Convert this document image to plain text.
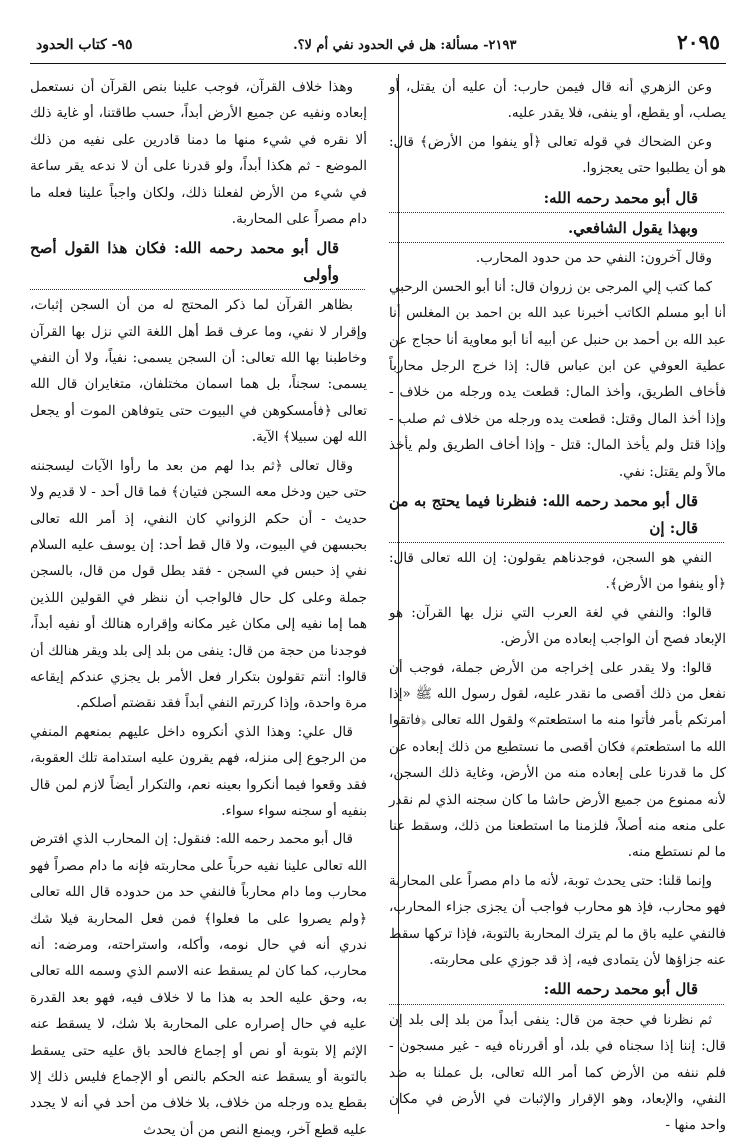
٢٠٩٥
٢١٩٣- مسألة: هل في الحدود نفي أم لا؟.
٩٥- كتاب الحدود

وعن الزهري أنه قال فيمن حارب: أن عليه أن يقتل، أو يصلب، أو يقطع، أو ينفى، فلا يقدر عليه.

وعن الضحاك في قوله تعالى ﴿أو ينفوا من الأرض﴾ قال: هو أن يطلبوا حتى يعجزوا.

قال أبو محمد رحمه الله:

وبهذا يقول الشافعي.

وقال آخرون: النفي حد من حدود المحارب.

كما كتب إلي المرجى بن زروان قال: أنا أبو الحسن الرحبي أنا أبو مسلم الكاتب أخبرنا عبد الله بن احمد بن المغلس أنا عبد الله بن أحمد بن حنبل عن أبيه أنا أبو معاوية أنا حجاج عن عطية العوفي عن ابن عباس قال: إذا خرج الرجل محارباً فأخاف الطريق، وأخذ المال: قطعت يده ورجله من خلاف - وإذا أخذ المال وقتل: قطعت يده ورجله من خلاف ثم صلب - وإذا قتل ولم يأخذ المال: قتل - وإذا أخاف الطريق ولم يأخذ مالاً ولم يقتل: نفي.

قال أبو محمد رحمه الله: فنظرنا فيما يحتج به من قال: إن

النفي هو السجن، فوجدناهم يقولون: إن الله تعالى قال: ﴿أو ينفوا من الأرض﴾.

قالوا: والنفي في لغة العرب التي نزل بها القرآن: هو الإبعاد فصح أن الواجب إبعاده من الأرض.

قالوا: ولا يقدر على إخراجه من الأرض جملة، فوجب أن نفعل من ذلك أقصى ما نقدر عليه، لقول رسول الله ﷺ «إذا أمرتكم بأمر فأتوا منه ما استطعتم» ولقول الله تعالى ﴿فاتقوا الله ما استطعتم﴾ فكان أقصى ما نستطيع من ذلك إبعاده عن كل ما قدرنا على إبعاده منه من الأرض، وغاية ذلك السجن، لأنه ممنوع من جميع الأرض حاشا ما كان سجنه الذي لم نقدر على منعه منه أصلاً، فلزمنا ما استطعنا من ذلك، وسقط عنا ما لم نستطع منه.

وإنما قلنا: حتى يحدث توبة، لأنه ما دام مصراً على المحاربة فهو محارب، فإذ هو محارب فواجب أن يجزى جزاء المحارب، فالنفي عليه باق ما لم يترك المحاربة بالتوبة، فإذا تركها سقط عنه جزاؤها لأن يتمادى فيه، إذ قد جوزي على محاربته.

قال أبو محمد رحمه الله:

ثم نظرنا في حجة من قال: ينفى أبداً من بلد إلى بلد إن قال: إننا إذا سجناه في بلد، أو أقررناه فيه - غير مسجون - فلم ننفه من الأرض كما أمر الله تعالى، بل عملنا به ضد النفي، والإبعاد، وهو الإقرار والإثبات في الأرض في مكان واحد منها -

وهذا خلاف القرآن، فوجب علينا بنص القرآن أن نستعمل إبعاده ونفيه عن جميع الأرض أبداً، حسب طاقتنا، أو غاية ذلك ألا نقره في شيء منها ما دمنا قادرين على نفيه من ذلك الموضع - ثم هكذا أبداً، ولو قدرنا على أن لا ندعه يقر ساعة في شيء من الأرض لفعلنا ذلك، ولكان واجباً علينا فعله ما دام مصراً على المحاربة.

قال أبو محمد رحمه الله: فكان هذا القول أصح وأولى

بظاهر القرآن لما ذكر المحتج له من أن السجن إثبات، وإقرار لا نفي، وما عرف قط أهل اللغة التي نزل بها القرآن وخاطبنا بها الله تعالى: أن السجن يسمى: نفياً، ولا أن النفي يسمى: سجناً، بل هما اسمان مختلفان، متغايران قال الله تعالى ﴿فأمسكوهن في البيوت حتى يتوفاهن الموت أو يجعل الله لهن سبيلا﴾ الآية.

وقال تعالى ﴿ثم بدا لهم من بعد ما رأوا الآيات ليسجننه حتى حين ودخل معه السجن فتيان﴾ فما قال أحد - لا قديم ولا حديث - أن حكم الزواني كان النفي، إذ أمر الله تعالى بحبسهن في البيوت، ولا قال قط أحد: إن يوسف عليه السلام نفي إذ حبس في السجن - فقد بطل قول من قال، بالسجن جملة وعلى كل حال فالواجب أن ننظر في القولين اللذين هما إما نفيه إلى مكان غير مكانه وإقراره هنالك أو نفيه أبداً، فوجدنا من حجة من قال: ينفى من بلد إلى بلد ويقر هنالك أن قالوا: أنتم تقولون بتكرار فعل الأمر بل يجزي عندكم إيقاعه مرة واحدة، وإذا كررتم النفي أبداً فقد نقضتم أصلكم.

قال علي: وهذا الذي أنكروه داخل عليهم بمنعهم المنفي من الرجوع إلى منزله، فهم يقرون عليه استدامة تلك العقوبة، فقد وقعوا فيما أنكروا بعينه نعم، والتكرار أيضاً لازم لمن قال بنفيه أو سجنه سواء سواء.

قال أبو محمد رحمه الله: فنقول: إن المحارب الذي افترض الله تعالى علينا نفيه حرباً على محاربته فإنه ما دام مصراً فهو محارب وما دام محارباً فالنفي حد من حدوده قال الله تعالى ﴿ولم يصروا على ما فعلوا﴾ فمن فعل المحاربة فيلا شك ندري أنه في حال نومه، وأكله، واستراحته، ومرضه: أنه محارب، كما كان لم يسقط عنه الاسم الذي وسمه الله تعالى به، وحق عليه الحد به هذا ما لا خلاف فيه، فهو بعد القدرة عليه في حال إصراره على المحاربة بلا شك، لا يسقط عنه الإثم إلا بتوبة أو نص أو إجماع فالحد باق عليه حتى يسقط بالتوبة أو يسقط عنه الحكم بالنص أو الإجماع فليس ذلك إلا بقطع يده ورجله من خلاف، بلا خلاف من أحد في أنه لا يجدد عليه قطع آخر، ويمنع النص من أن يحدث
